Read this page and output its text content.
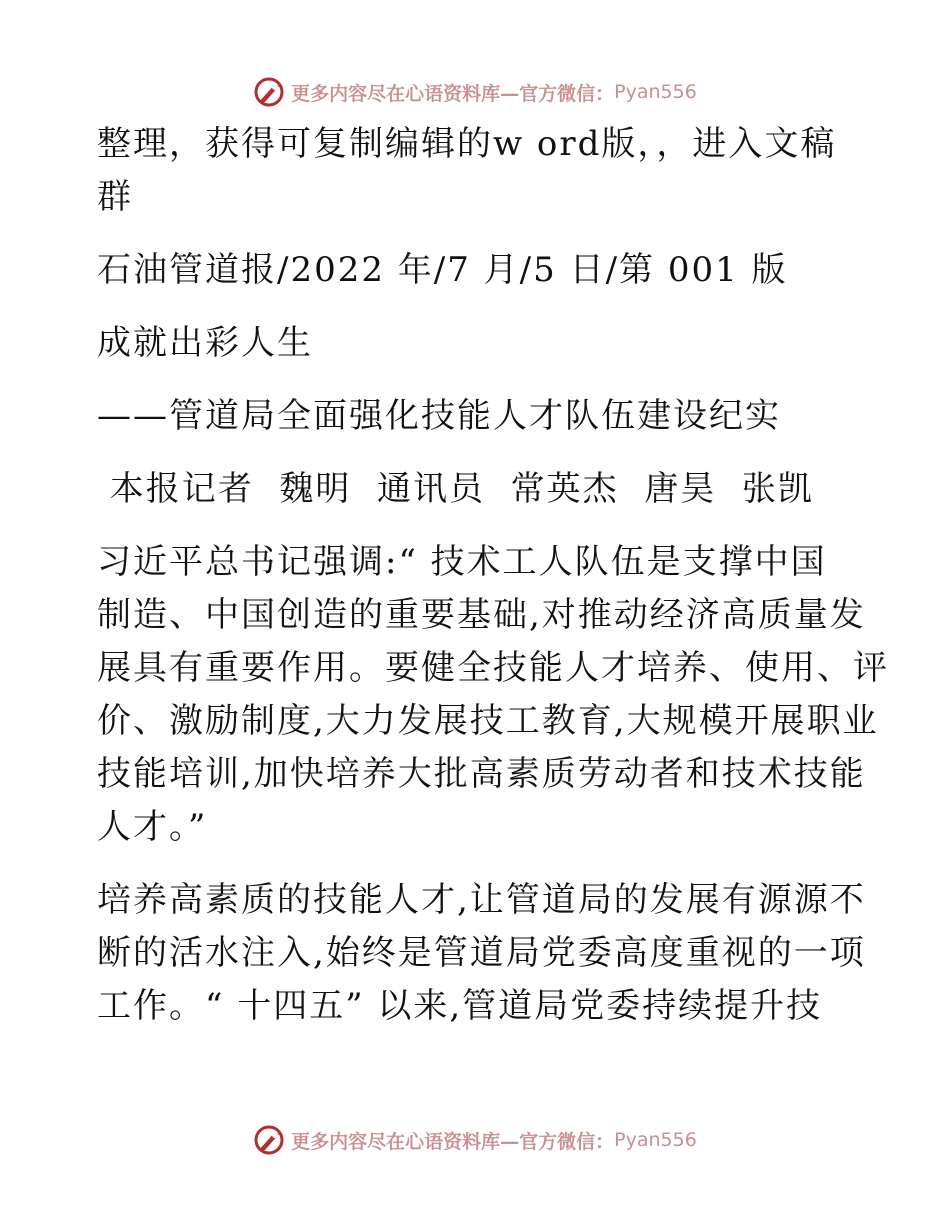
更多内容尽在心语资料库—官方微信： Pyan556

整理，获得可复制编辑的w ord版，，进入文稿

群

石油管道报/2022 年/7 月/5 日/第 001 版

成就出彩人生

——管道局全面强化技能人才队伍建设纪实

本报记者  魏明  通讯员  常英杰  唐昊  张凯

习近平总书记强调:“ 技术工人队伍是支撑中国

制造、中国创造的重要基础,对推动经济高质量发

展具有重要作用。要健全技能人才培养、使用、评

价、激励制度,大力发展技工教育,大规模开展职业

技能培训,加快培养大批高素质劳动者和技术技能

人才。”

培养高素质的技能人才,让管道局的发展有源源不

断的活水注入,始终是管道局党委高度重视的一项

工作。“ 十四五” 以来,管道局党委持续提升技

更多内容尽在心语资料库—官方微信： Pyan556
